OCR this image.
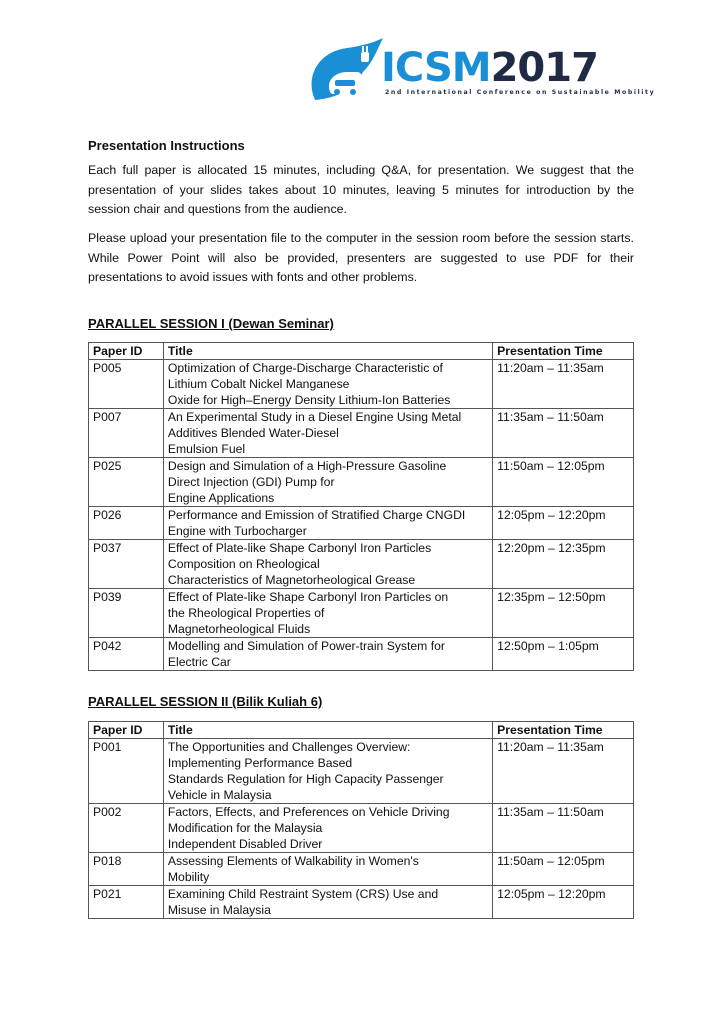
ICSM2017
2nd International Conference on Sustainable Mobility
Presentation Instructions
Each full paper is allocated 15 minutes, including Q&A, for presentation. We suggest that the presentation of your slides takes about 10 minutes, leaving 5 minutes for introduction by the session chair and questions from the audience.
Please upload your presentation file to the computer in the session room before the session starts. While Power Point will also be provided, presenters are suggested to use PDF for their presentations to avoid issues with fonts and other problems.
PARALLEL SESSION I (Dewan Seminar)
Paper ID	Title	Presentation Time
P005	Optimization of Charge-Discharge Characteristic of
Lithium Cobalt Nickel Manganese
Oxide for High–Energy Density Lithium-Ion Batteries	11:20am – 11:35am
P007	An Experimental Study in a Diesel Engine Using Metal
Additives Blended Water-Diesel
Emulsion Fuel	11:35am – 11:50am
P025	Design and Simulation of a High-Pressure Gasoline
Direct Injection (GDI) Pump for
Engine Applications	11:50am – 12:05pm
P026	Performance and Emission of Stratified Charge CNGDI
Engine with Turbocharger	12:05pm – 12:20pm
P037	Effect of Plate-like Shape Carbonyl Iron Particles
Composition on Rheological
Characteristics of Magnetorheological Grease	12:20pm – 12:35pm
P039	Effect of Plate-like Shape Carbonyl Iron Particles on
the Rheological Properties of
Magnetorheological Fluids	12:35pm – 12:50pm
P042	Modelling and Simulation of Power-train System for
Electric Car	12:50pm – 1:05pm
PARALLEL SESSION II (Bilik Kuliah 6)
Paper ID	Title	Presentation Time
P001	The Opportunities and Challenges Overview:
Implementing Performance Based
Standards Regulation for High Capacity Passenger
Vehicle in Malaysia	11:20am – 11:35am
P002	Factors, Effects, and Preferences on Vehicle Driving
Modification for the Malaysia
Independent Disabled Driver	11:35am – 11:50am
P018	Assessing Elements of Walkability in Women's
Mobility	11:50am – 12:05pm
P021	Examining Child Restraint System (CRS) Use and
Misuse in Malaysia	12:05pm – 12:20pm
